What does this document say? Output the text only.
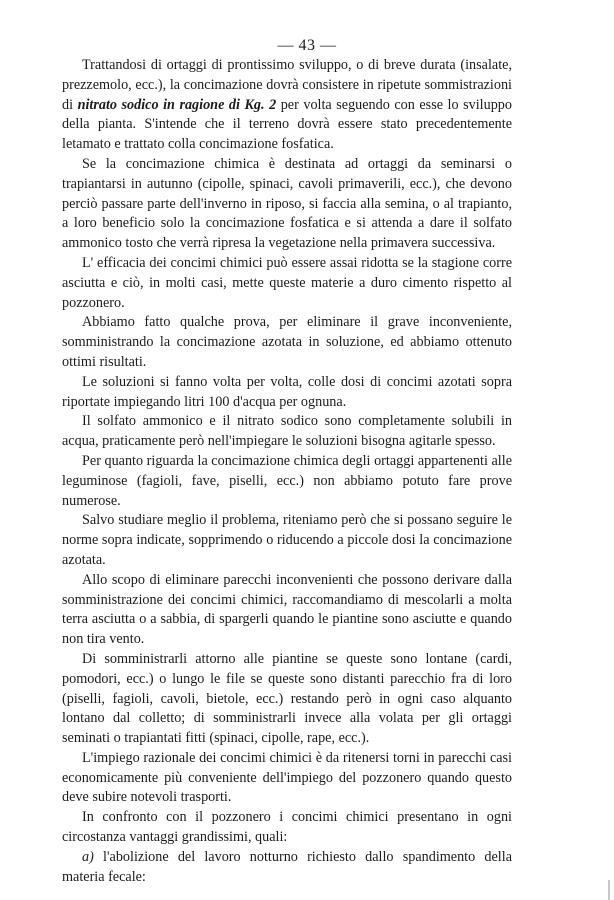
— 43 —

Trattandosi di ortaggi di prontissimo sviluppo, o di breve durata (insalate, prezzemolo, ecc.), la concimazione dovrà consistere in ripetute sommistrazioni di nitrato sodico in ragione di Kg. 2 per volta seguendo con esse lo sviluppo della pianta. S'intende che il terreno dovrà essere stato precedentemente letamato e trattato colla concimazione fosfatica.

Se la concimazione chimica è destinata ad ortaggi da seminarsi o trapiantarsi in autunno (cipolle, spinaci, cavoli primaverili, ecc.), che devono perciò passare parte dell'inverno in riposo, si faccia alla semina, o al trapianto, a loro beneficio solo la concimazione fosfatica e si attenda a dare il solfato ammonico tosto che verrà ripresa la vegetazione nella primavera successiva.

L' efficacia dei concimi chimici può essere assai ridotta se la stagione corre asciutta e ciò, in molti casi, mette queste materie a duro cimento rispetto al pozzonero.

Abbiamo fatto qualche prova, per eliminare il grave inconveniente, somministrando la concimazione azotata in soluzione, ed abbiamo ottenuto ottimi risultati.

Le soluzioni si fanno volta per volta, colle dosi di concimi azotati sopra riportate impiegando litri 100 d'acqua per ognuna.

Il solfato ammonico e il nitrato sodico sono completamente solubili in acqua, praticamente però nell'impiegare le soluzioni bisogna agitarle spesso.

Per quanto riguarda la concimazione chimica degli ortaggi appartenenti alle leguminose (fagioli, fave, piselli, ecc.) non abbiamo potuto fare prove numerose.

Salvo studiare meglio il problema, riteniamo però che si possano seguire le norme sopra indicate, sopprimendo o riducendo a piccole dosi la concimazione azotata.

Allo scopo di eliminare parecchi inconvenienti che possono derivare dalla somministrazione dei concimi chimici, raccomandiamo di mescolarli a molta terra asciutta o a sabbia, di spargerli quando le piantine sono asciutte e quando non tira vento.

Di somministrarli attorno alle piantine se queste sono lontane (cardi, pomodori, ecc.) o lungo le file se queste sono distanti parecchio fra di loro (piselli, fagioli, cavoli, bietole, ecc.) restando però in ogni caso alquanto lontano dal colletto; di somministrarli invece alla volata per gli ortaggi seminati o trapiantati fitti (spinaci, cipolle, rape, ecc.).

L'impiego razionale dei concimi chimici è da ritenersi torni in parecchi casi economicamente più conveniente dell'impiego del pozzonero quando questo deve subire notevoli trasporti.

In confronto con il pozzonero i concimi chimici presentano in ogni circostanza vantaggi grandissimi, quali:

a) l'abolizione del lavoro notturno richiesto dallo spandimento della materia fecale:
